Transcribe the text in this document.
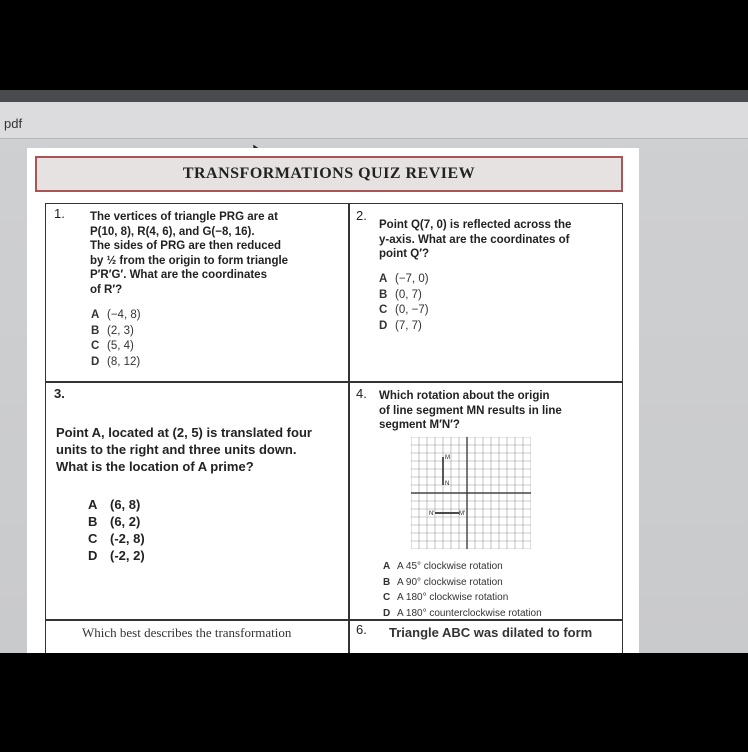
pdf
TRANSFORMATIONS QUIZ REVIEW
1. The vertices of triangle PRG are at
P(10, 8), R(4, 6), and G(−8, 16).
The sides of PRG are then reduced
by ½ from the origin to form triangle
P′R′G′. What are the coordinates
of R′?
A (−4, 8)
B (2, 3)
C (5, 4)
D (8, 12)
2.
Point Q(7, 0) is reflected across the
y-axis. What are the coordinates of
point Q′?
A (−7, 0)
B (0, 7)
C (0, −7)
D (7, 7)
3.
Point A, located at (2, 5) is translated four
units to the right and three units down.
What is the location of A prime?
A (6, 8)
B (6, 2)
C (-2, 8)
D (-2, 2)
4. Which rotation about the origin
of line segment MN results in line
segment M′N′?
M
N
N′	M′
A A 45° clockwise rotation
B A 90° clockwise rotation
C A 180° clockwise rotation
D A 180° counterclockwise rotation
Which best describes the transformation	6. Triangle ABC was dilated to form
